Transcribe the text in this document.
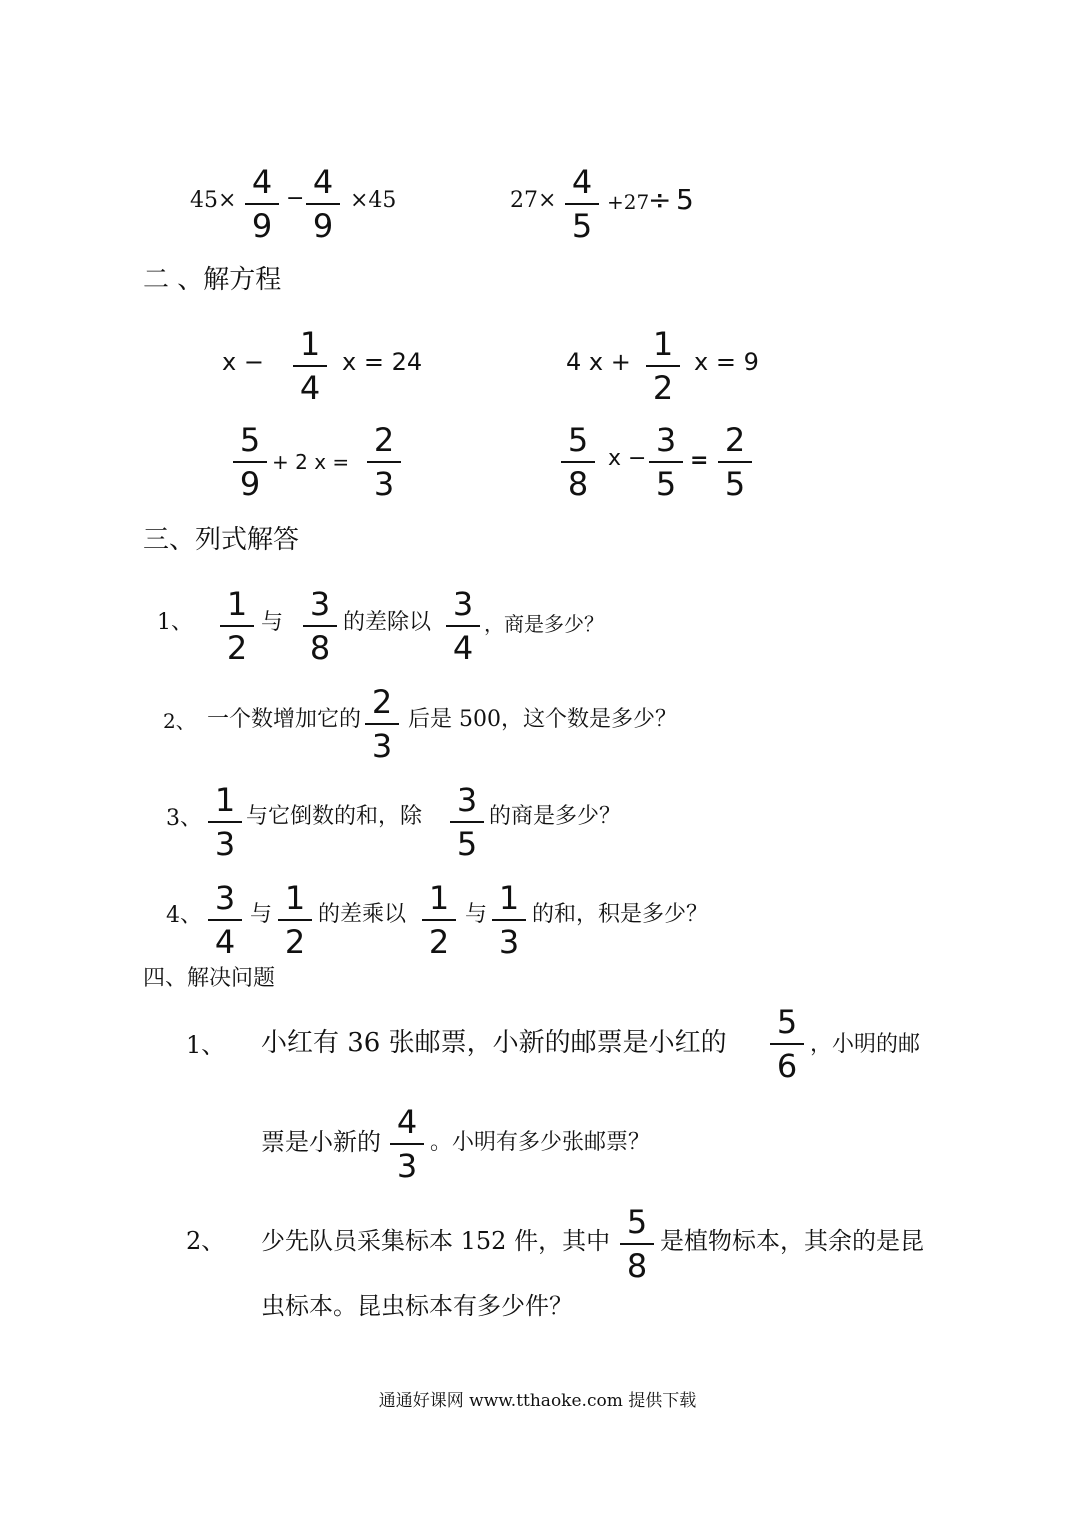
45× 4
9
− 4
9
×45	27× 4
5
+27
÷ 5
二 、解方程
x −	1
4
x = 24	4 x + 1
2
x = 9
5
9
+ 2 x =
2
3
5
8
x − 3
5
=
2
5
三、列式解答
1、	1
2
与 3
8
的差除以 3
4
，商是多少？
2、 一个数增加它的 2
3
后是 500，这个数是多少？
3、 1
3
与它倒数的和，除	3
5
的商是多少？
4、 3
4
与 1
2
的差乘以 1
2
与 1
3
的和，积是多少？
四、解决问题
1、 小红有 36 张邮票，小新的邮票是小红的
5
6
，小明的邮
票是小新的
4
3
。小明有多少张邮票？
2、 少先队员采集标本 152 件，其中 5
8
是植物标本，其余的是昆
虫标本。昆虫标本有多少件？
通通好课网 www.tthaoke.com 提供下载
